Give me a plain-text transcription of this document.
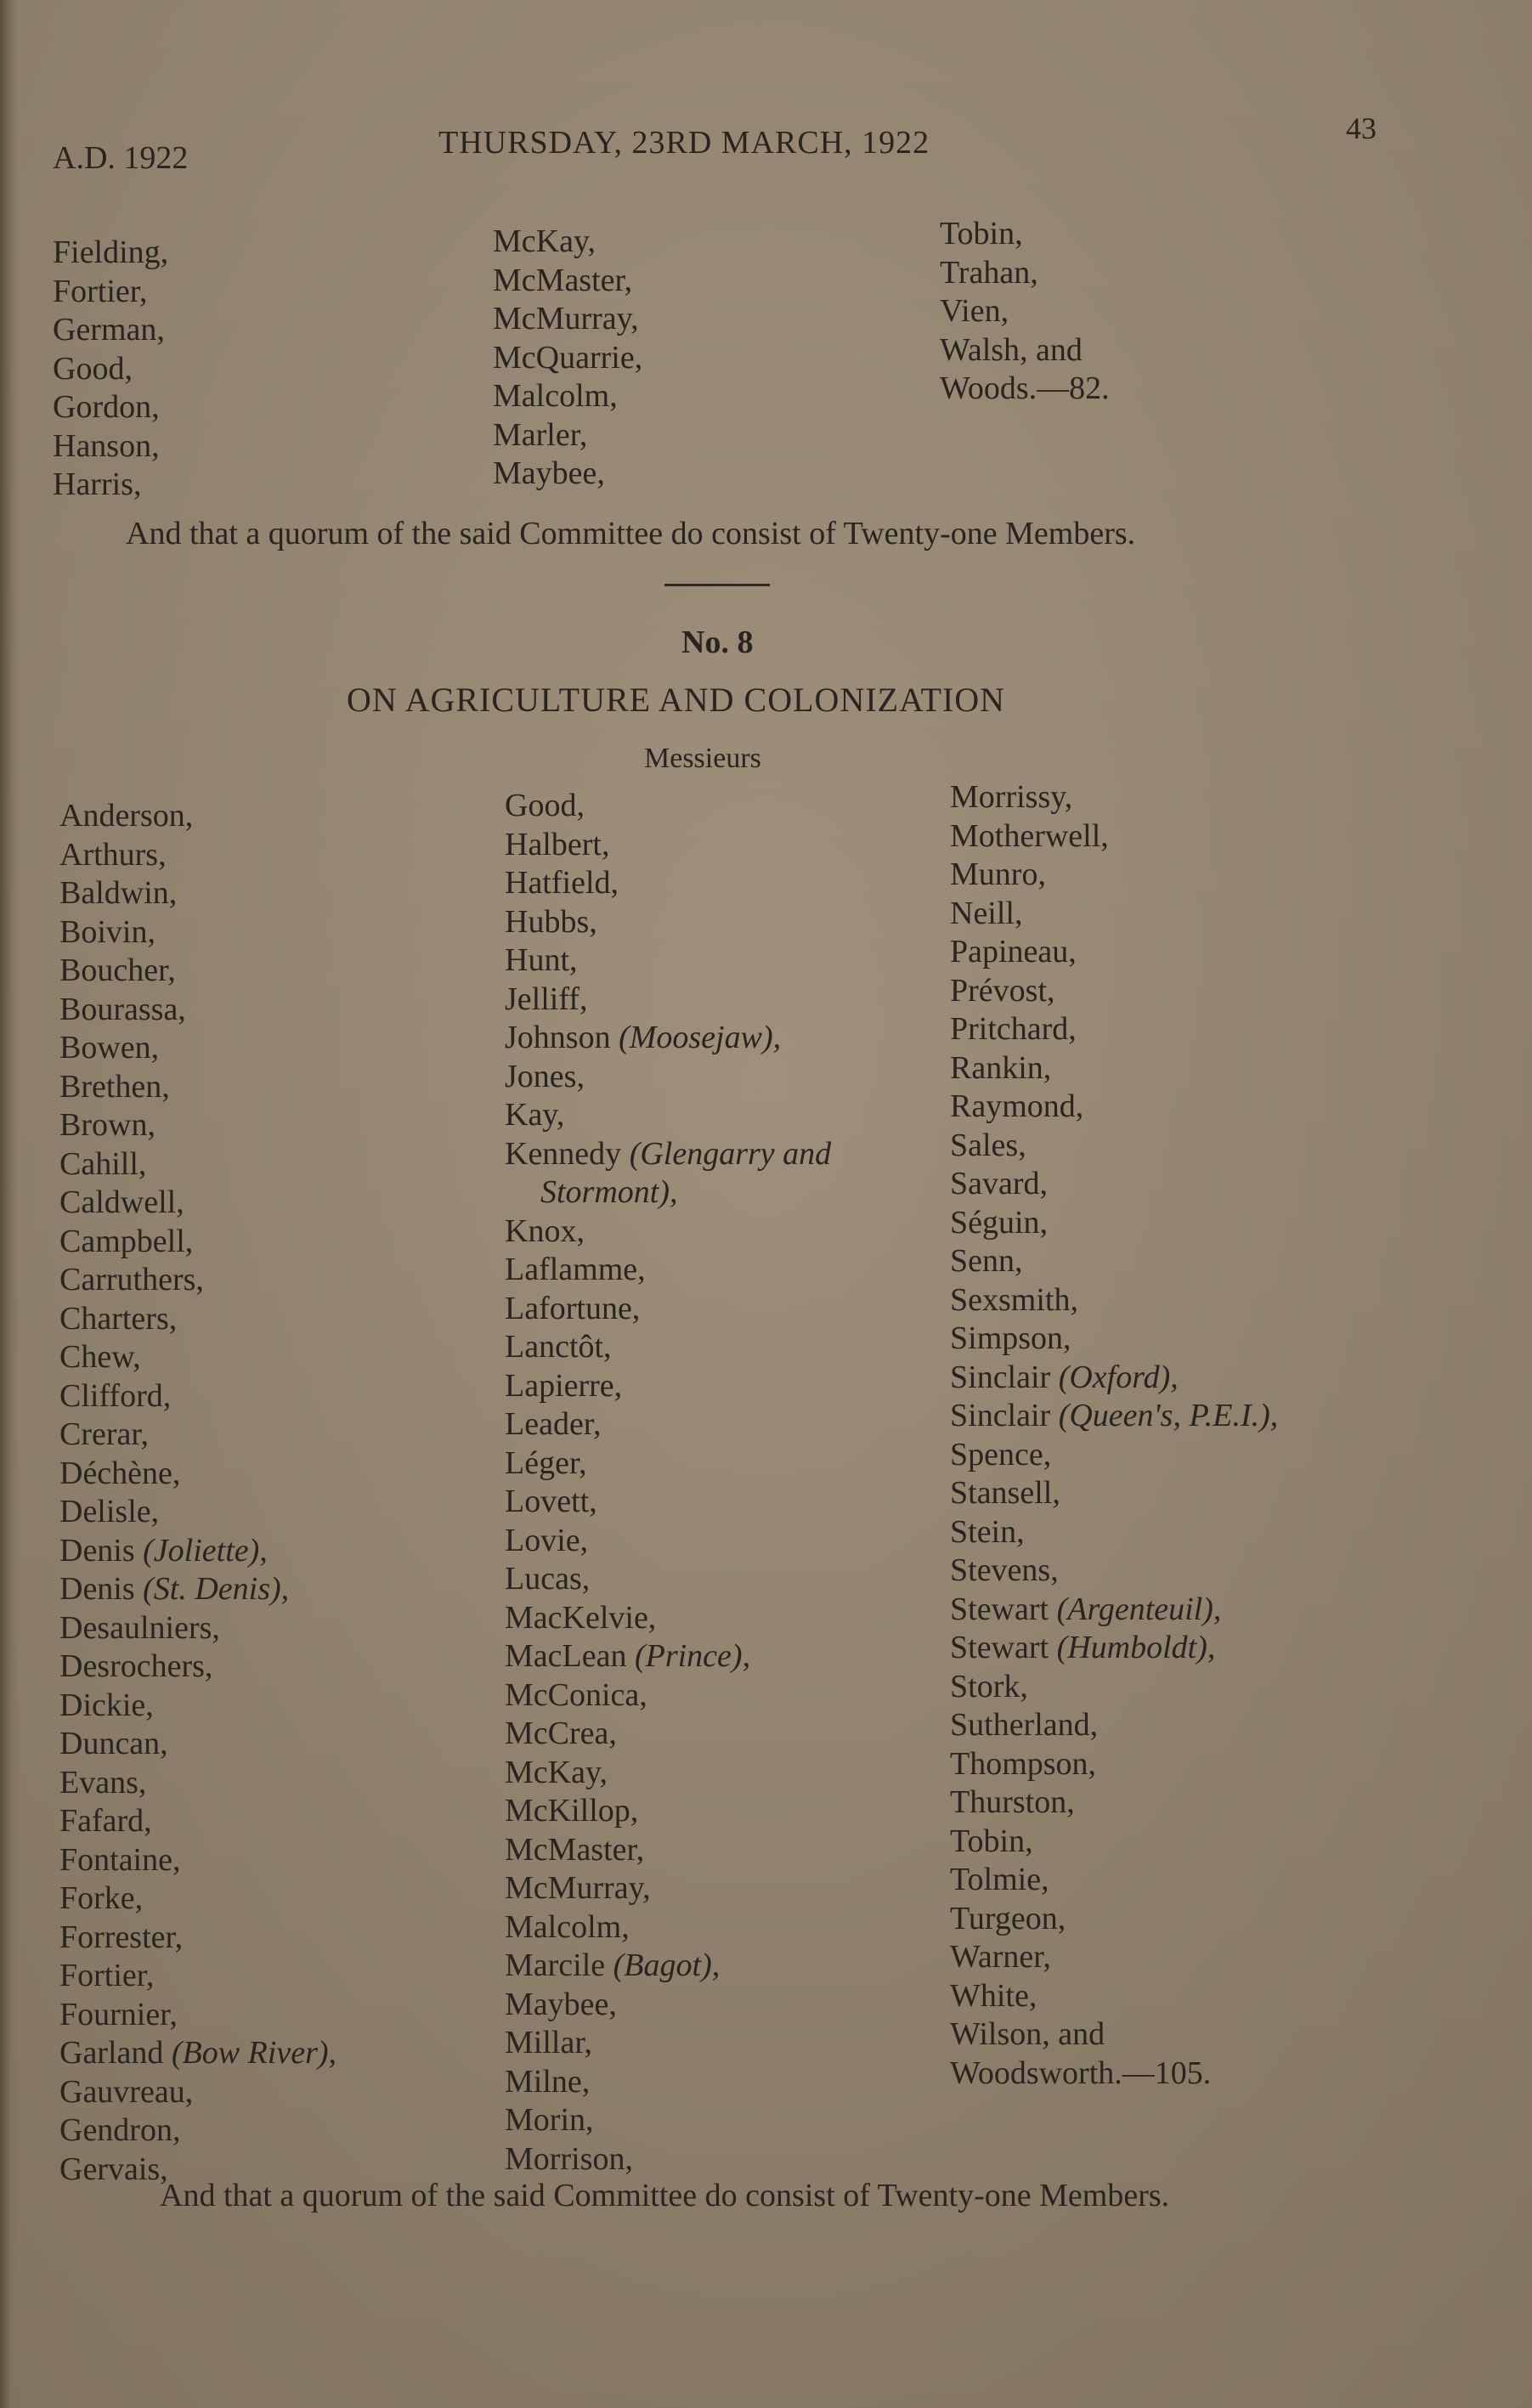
A.D. 1922	THURSDAY, 23RD MARCH, 1922	43
Fielding,
Fortier,
German,
Good,
Gordon,
Hanson,
Harris,
McKay,
McMaster,
McMurray,
McQuarrie,
Malcolm,
Marler,
Maybee,
Tobin,
Trahan,
Vien,
Walsh, and
Woods.—82.
And that a quorum of the said Committee do consist of Twenty-one Members.
No. 8
ON AGRICULTURE AND COLONIZATION
Messieurs
Anderson,
Arthurs,
Baldwin,
Boivin,
Boucher,
Bourassa,
Bowen,
Brethen,
Brown,
Cahill,
Caldwell,
Campbell,
Carruthers,
Charters,
Chew,
Clifford,
Crerar,
Déchène,
Delisle,
Denis (Joliette),
Denis (St. Denis),
Desaulniers,
Desrochers,
Dickie,
Duncan,
Evans,
Fafard,
Fontaine,
Forke,
Forrester,
Fortier,
Fournier,
Garland (Bow River),
Gauvreau,
Gendron,
Gervais,
Good,
Halbert,
Hatfield,
Hubbs,
Hunt,
Jelliff,
Johnson (Moosejaw),
Jones,
Kay,
Kennedy (Glengarry and
Stormont),
Knox,
Laflamme,
Lafortune,
Lanctôt,
Lapierre,
Leader,
Léger,
Lovett,
Lovie,
Lucas,
MacKelvie,
MacLean (Prince),
McConica,
McCrea,
McKay,
McKillop,
McMaster,
McMurray,
Malcolm,
Marcile (Bagot),
Maybee,
Millar,
Milne,
Morin,
Morrison,
Morrissy,
Motherwell,
Munro,
Neill,
Papineau,
Prévost,
Pritchard,
Rankin,
Raymond,
Sales,
Savard,
Séguin,
Senn,
Sexsmith,
Simpson,
Sinclair (Oxford),
Sinclair (Queen's, P.E.I.),
Spence,
Stansell,
Stein,
Stevens,
Stewart (Argenteuil),
Stewart (Humboldt),
Stork,
Sutherland,
Thompson,
Thurston,
Tobin,
Tolmie,
Turgeon,
Warner,
White,
Wilson, and
Woodsworth.—105.
And that a quorum of the said Committee do consist of Twenty-one Members.
